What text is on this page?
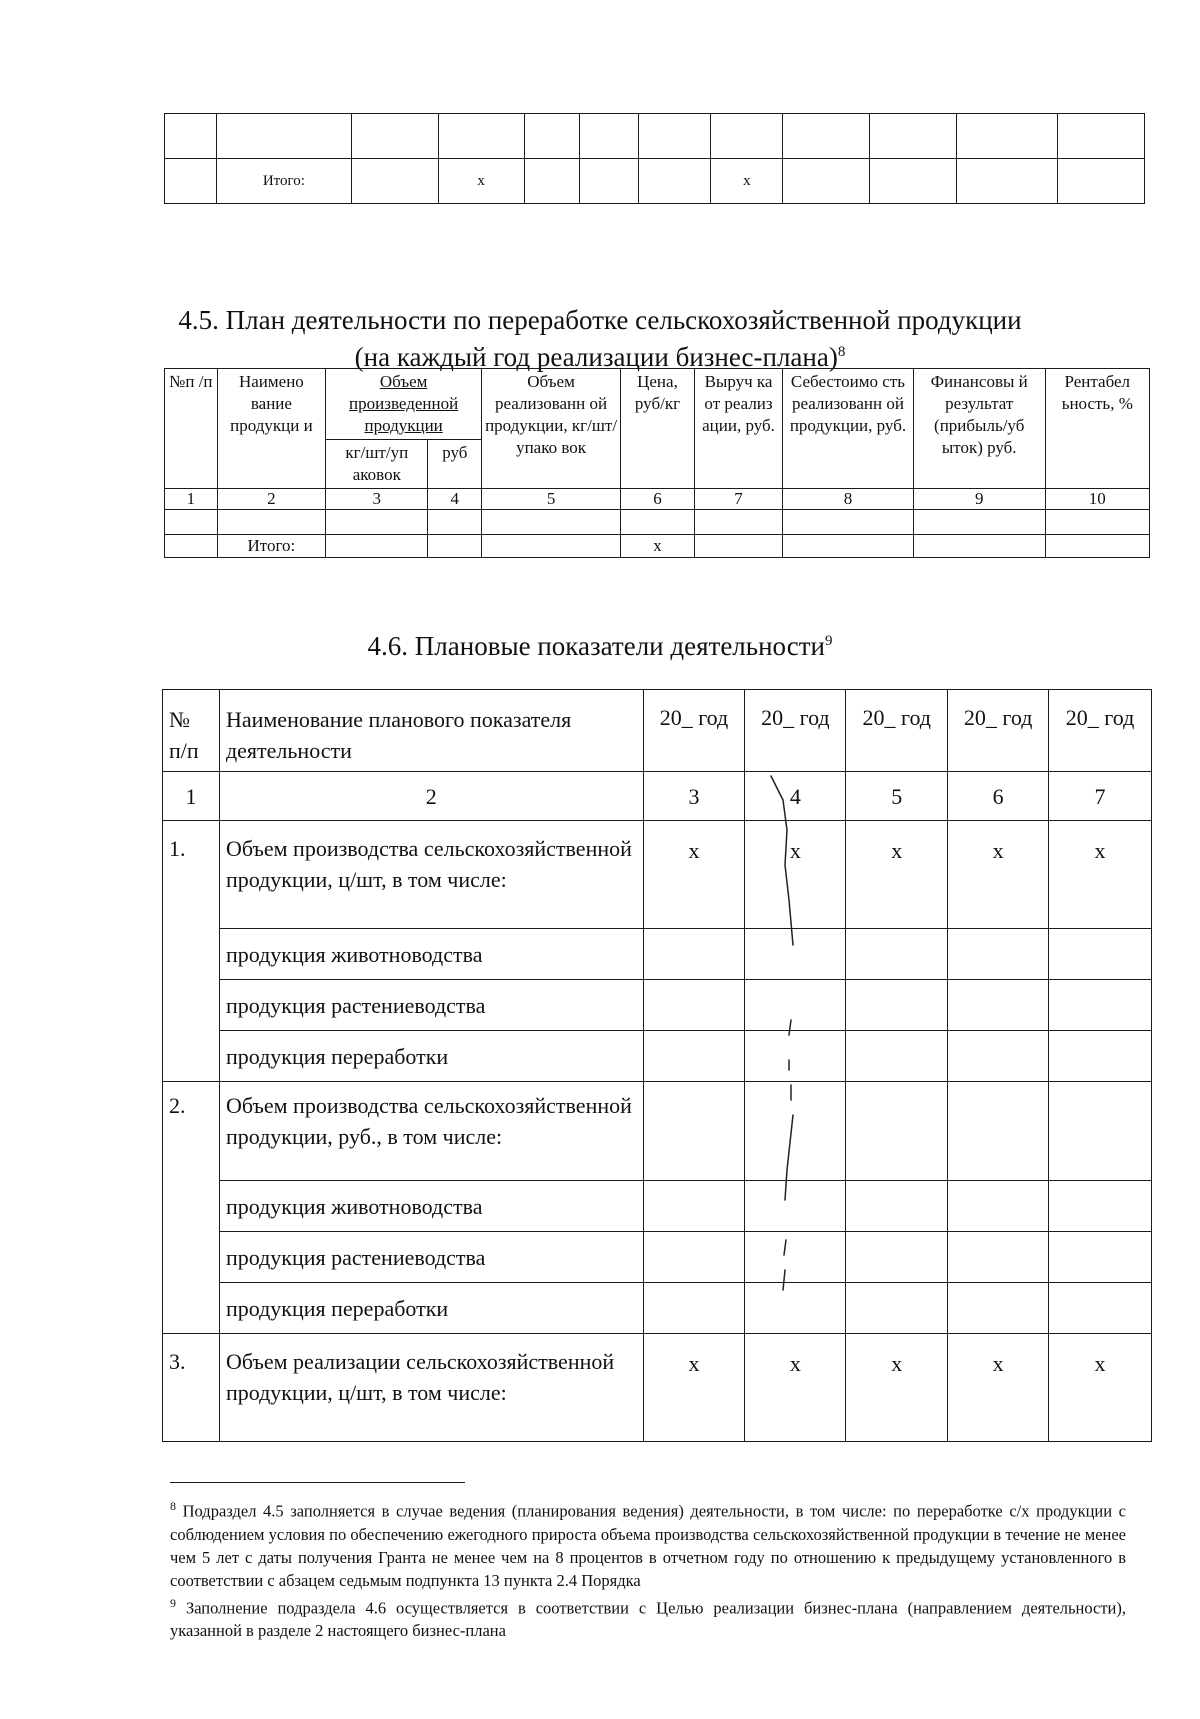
	Итого:		х				х				
4.5. План деятельности по переработке сельскохозяйственной продукции
(на каждый год реализации бизнес-плана)$^8$
№п /п	Наимено вание продукци и	Объем произведенной продукции		Объем реализованн ой продукции, кг/шт/упако вок	Цена, руб/кг	Выруч ка от реализ ации, руб.	Себестоимо сть реализованн ой продукции, руб.	Финансовы й результат (прибыль/уб ыток) руб.	Рентабел ьность, %
		кг/шт/уп аковок	руб						
1	2	3	4	5	6	7	8	9	10

	Итого:				х				
4.6. Плановые показатели деятельности$^9$
№ п/п	Наименование планового показателя деятельности	20_ год	20_ год	20_ год	20_ год	20_ год
1	2	3	4	5	6	7
1.	Объем производства сельскохозяйственной продукции, ц/шт, в том числе:	х	х	х	х	х
	продукция животноводства					
	продукция растениеводства					
	продукция переработки					
2.	Объем производства сельскохозяйственной продукции, руб., в том числе:					
	продукция животноводства					
	продукция растениеводства					
	продукция переработки					
3.	Объем реализации сельскохозяйственной продукции, ц/шт, в том числе:	х	х	х	х	х
$^8$ Подраздел 4.5 заполняется в случае ведения (планирования ведения) деятельности, в том числе: по переработке с/х продукции с соблюдением условия по обеспечению ежегодного прироста объема производства сельскохозяйственной продукции в течение не менее чем 5 лет с даты получения Гранта не менее чем на 8 процентов в отчетном году по отношению к предыдущему установленного в соответствии с абзацем седьмым подпункта 13 пункта 2.4 Порядка
$^9$ Заполнение подраздела 4.6 осуществляется в соответствии с Целью реализации бизнес-плана (направлением деятельности), указанной в разделе 2 настоящего бизнес-плана
